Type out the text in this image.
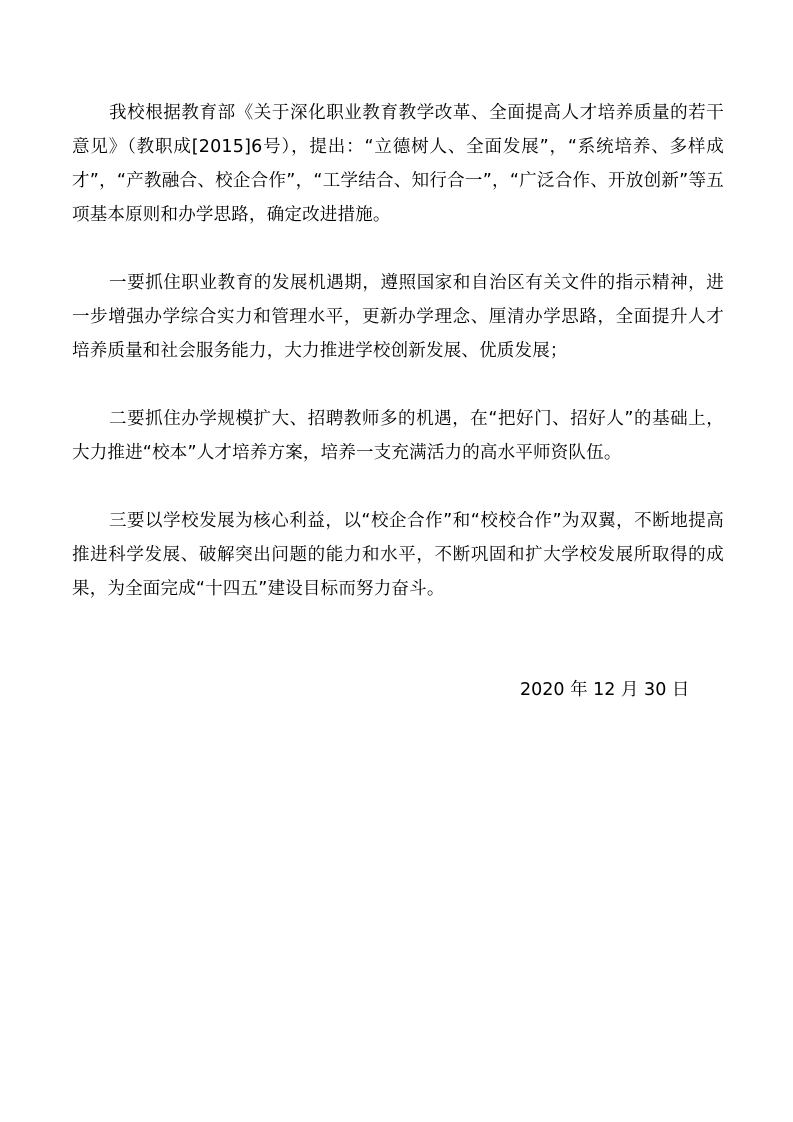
我校根据教育部《关于深化职业教育教学改革、全面提高人才培养质量的若干意见》（教职成[2015]6号），提出：“立德树人、全面发展”，“系统培养、多样成才”，“产教融合、校企合作”，“工学结合、知行合一”，“广泛合作、开放创新”等五项基本原则和办学思路，确定改进措施。

一要抓住职业教育的发展机遇期，遵照国家和自治区有关文件的指示精神，进一步增强办学综合实力和管理水平，更新办学理念、厘清办学思路，全面提升人才培养质量和社会服务能力，大力推进学校创新发展、优质发展；

二要抓住办学规模扩大、招聘教师多的机遇，在“把好门、招好人”的基础上，大力推进“校本”人才培养方案，培养一支充满活力的高水平师资队伍。

三要以学校发展为核心利益，以“校企合作”和“校校合作”为双翼，不断地提高推进科学发展、破解突出问题的能力和水平，不断巩固和扩大学校发展所取得的成果，为全面完成“十四五”建设目标而努力奋斗。

2020 年 12 月 30 日
